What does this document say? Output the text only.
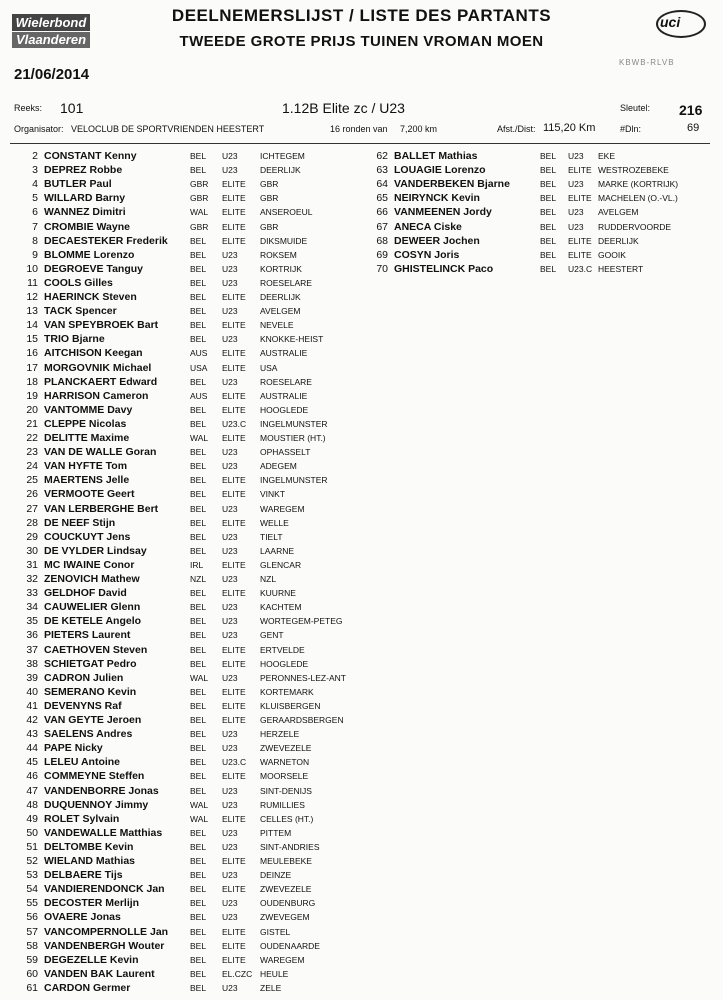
Wielerbond
Vlaanderen
DEELNEMERSLIJST / LISTE DES PARTANTS
TWEEDE GROTE PRIJS TUINEN VROMAN MOEN
uci
KBWB-RLVB
21/06/2014
Reeks: 101	1.12B Elite zc / U23	Sleutel: 216
Organisator: VELOCLUB DE SPORTVRIENDEN HEESTERT	16 ronden van 7,200 km	Afst./Dist: 115,20 Km	#Dln:	69
2 CONSTANT Kenny	BEL U23	ICHTEGEM
3 DEPREZ Robbe	BEL U23	DEERLIJK
4 BUTLER Paul	GBR ELITE GBR
5 WILLARD Barny	GBR ELITE GBR
6 WANNEZ Dimitri	WAL ELITE ANSEROEUL
7 CROMBIE Wayne	GBR ELITE GBR
8 DECAESTEKER Frederik	BEL ELITE DIKSMUIDE
9 BLOMME Lorenzo	BEL U23	ROKSEM
10 DEGROEVE Tanguy	BEL U23	KORTRIJK
11 COOLS Gilles	BEL U23	ROESELARE
12 HAERINCK Steven	BEL ELITE DEERLIJK
13 TACK Spencer	BEL U23	AVELGEM
14 VAN SPEYBROEK Bart	BEL ELITE NEVELE
15 TRIO Bjarne	BEL U23	KNOKKE-HEIST
16 AITCHISON Keegan	AUS ELITE AUSTRALIE
17 MORGOVNIK Michael	USA ELITE USA
18 PLANCKAERT Edward	BEL U23	ROESELARE
19 HARRISON Cameron	AUS ELITE AUSTRALIE
20 VANTOMME Davy	BEL ELITE HOOGLEDE
21 CLEPPE Nicolas	BEL U23.C INGELMUNSTER
22 DELITTE Maxime	WAL ELITE MOUSTIER (HT.)
23 VAN DE WALLE Goran	BEL U23	OPHASSELT
24 VAN HYFTE Tom	BEL U23	ADEGEM
25 MAERTENS Jelle	BEL ELITE INGELMUNSTER
26 VERMOOTE Geert	BEL ELITE VINKT
27 VAN LERBERGHE Bert	BEL U23	WAREGEM
28 DE NEEF Stijn	BEL ELITE WELLE
29 COUCKUYT Jens	BEL U23	TIELT
30 DE VYLDER Lindsay	BEL U23	LAARNE
31 MC IWAINE Conor	IRL ELITE GLENCAR
32 ZENOVICH Mathew	NZL U23	NZL
33 GELDHOF David	BEL ELITE KUURNE
34 CAUWELIER Glenn	BEL U23	KACHTEM
35 DE KETELE Angelo	BEL U23	WORTEGEM-PETEG
36 PIETERS Laurent	BEL U23	GENT
37 CAETHOVEN Steven	BEL ELITE ERTVELDE
38 SCHIETGAT Pedro	BEL ELITE HOOGLEDE
39 CADRON Julien	WAL U23	PERONNES-LEZ-ANT
40 SEMERANO Kevin	BEL ELITE KORTEMARK
41 DEVENYNS Raf	BEL ELITE KLUISBERGEN
42 VAN GEYTE Jeroen	BEL ELITE GERAARDSBERGEN
43 SAELENS Andres	BEL U23	HERZELE
44 PAPE Nicky	BEL U23	ZWEVEZELE
45 LELEU Antoine	BEL U23.C WARNETON
46 COMMEYNE Steffen	BEL ELITE MOORSELE
47 VANDENBORRE Jonas	BEL U23	SINT-DENIJS
48 DUQUENNOY Jimmy	WAL U23	RUMILLIES
49 ROLET Sylvain	WAL ELITE CELLES (HT.)
50 VANDEWALLE Matthias	BEL U23	PITTEM
51 DELTOMBE Kevin	BEL U23	SINT-ANDRIES
52 WIELAND Mathias	BEL ELITE MEULEBEKE
53 DELBAERE Tijs	BEL U23	DEINZE
54 VANDIERENDONCK Jan	BEL ELITE ZWEVEZELE
55 DECOSTER Merlijn	BEL U23	OUDENBURG
56 OVAERE Jonas	BEL U23	ZWEVEGEM
57 VANCOMPERNOLLE Jan	BEL ELITE GISTEL
58 VANDENBERGH Wouter	BEL ELITE OUDENAARDE
59 DEGEZELLE Kevin	BEL ELITE WAREGEM
60 VANDEN BAK Laurent	BEL EL.CZC HEULE
61 CARDON Germer	BEL U23	ZELE
62 BALLET Mathias	BEL U23 EKE
63 LOUAGIE Lorenzo	BEL ELITE WESTROZEBEKE
64 VANDERBEKEN Bjarne	BEL U23 MARKE (KORTRIJK)
65 NEIRYNCK Kevin	BEL ELITE MACHELEN (O.-VL.)
66 VANMEENEN Jordy	BEL U23 AVELGEM
67 ANECA Ciske	BEL U23 RUDDERVOORDE
68 DEWEER Jochen	BEL ELITE DEERLIJK
69 COSYN Joris	BEL ELITE GOOIK
70 GHISTELINCK Paco	BEL U23.C HEESTERT
